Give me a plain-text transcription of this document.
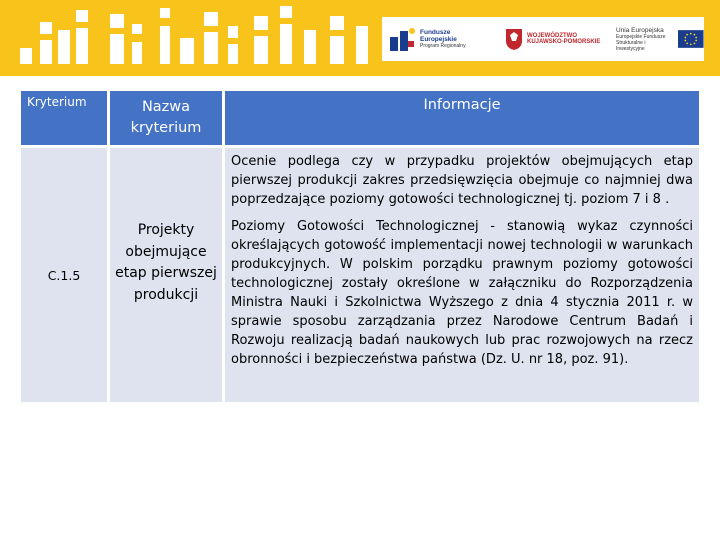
Fundusze
Europejskie
Program Regionalny
WOJEWÓDZTWO
KUJAWSKO-POMORSKIE
Unia Europejska
Europejskie Fundusze
Strukturalne i Inwestycyjne
Kryterium	Nazwa kryterium	Informacje
C.1.5	Projekty obejmujące etap pierwszej produkcji	Ocenie podlega czy w przypadku projektów obejmujących etap pierwszej produkcji zakres przedsięwzięcia obejmuje co najmniej dwa poprzedzające poziomy gotowości technologicznej tj. poziom 7 i 8 .

Poziomy Gotowości Technologicznej - stanowią wykaz czynności określających gotowość implementacji nowej technologii w warunkach produkcyjnych. W polskim porządku prawnym poziomy gotowości technologicznej zostały określone w załączniku do Rozporządzenia Ministra Nauki i Szkolnictwa Wyższego z dnia 4 stycznia 2011 r. w sprawie sposobu zarządzania przez Narodowe Centrum Badań i Rozwoju realizacją badań naukowych lub prac rozwojowych na rzecz obronności i bezpieczeństwa państwa (Dz. U. nr 18, poz. 91).
